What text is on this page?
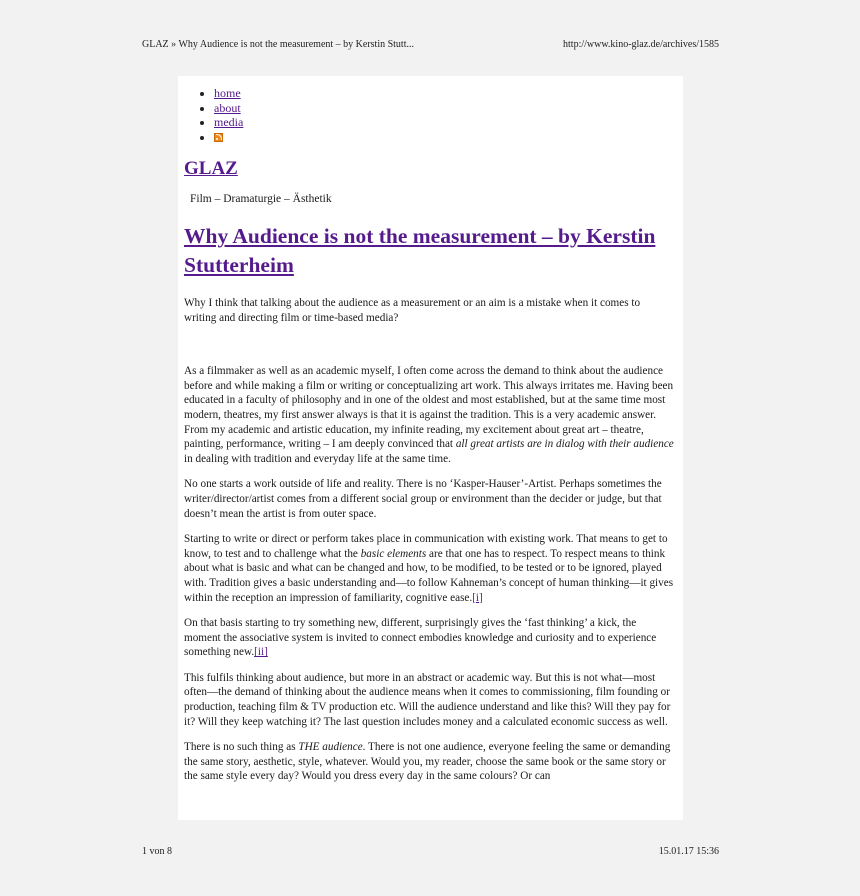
GLAZ » Why Audience is not the measurement – by Kerstin Stutt...	http://www.kino-glaz.de/archives/1585
• home
• about
• media
•
GLAZ
Film – Dramaturgie – Ästhetik
Why Audience is not the measurement – by Kerstin Stutterheim

Why I think that talking about the audience as a measurement or an aim is a mistake when it comes to writing and directing film or time-based media?

As a filmmaker as well as an academic myself, I often come across the demand to think about the audience before and while making a film or writing or conceptualizing art work. This always irritates me. Having been educated in a faculty of philosophy and in one of the oldest and most established, but at the same time most modern, theatres, my first answer always is that it is against the tradition. This is a very academic answer. From my academic and artistic education, my infinite reading, my excitement about great art – theatre, painting, performance, writing – I am deeply convinced that all great artists are in dialog with their audience in dealing with tradition and everyday life at the same time.

No one starts a work outside of life and reality. There is no ‘Kasper-Hauser’-Artist. Perhaps sometimes the writer/director/artist comes from a different social group or environment than the decider or judge, but that doesn’t mean the artist is from outer space.

Starting to write or direct or perform takes place in communication with existing work. That means to get to know, to test and to challenge what the basic elements are that one has to respect. To respect means to think about what is basic and what can be changed and how, to be modified, to be tested or to be ignored, played with. Tradition gives a basic understanding and—to follow Kahneman’s concept of human thinking—it gives within the reception an impression of familiarity, cognitive ease.[i]

On that basis starting to try something new, different, surprisingly gives the ‘fast thinking’ a kick, the moment the associative system is invited to connect embodies knowledge and curiosity and to experience something new.[ii]

This fulfils thinking about audience, but more in an abstract or academic way. But this is not what—most often—the demand of thinking about the audience means when it comes to commissioning, film founding or production, teaching film & TV production etc. Will the audience understand and like this? Will they pay for it? Will they keep watching it? The last question includes money and a calculated economic success as well.

There is no such thing as THE audience. There is not one audience, everyone feeling the same or demanding the same story, aesthetic, style, whatever. Would you, my reader, choose the same book or the same story or the same style every day? Would you dress every day in the same colours? Or can

1 von 8	15.01.17 15:36
